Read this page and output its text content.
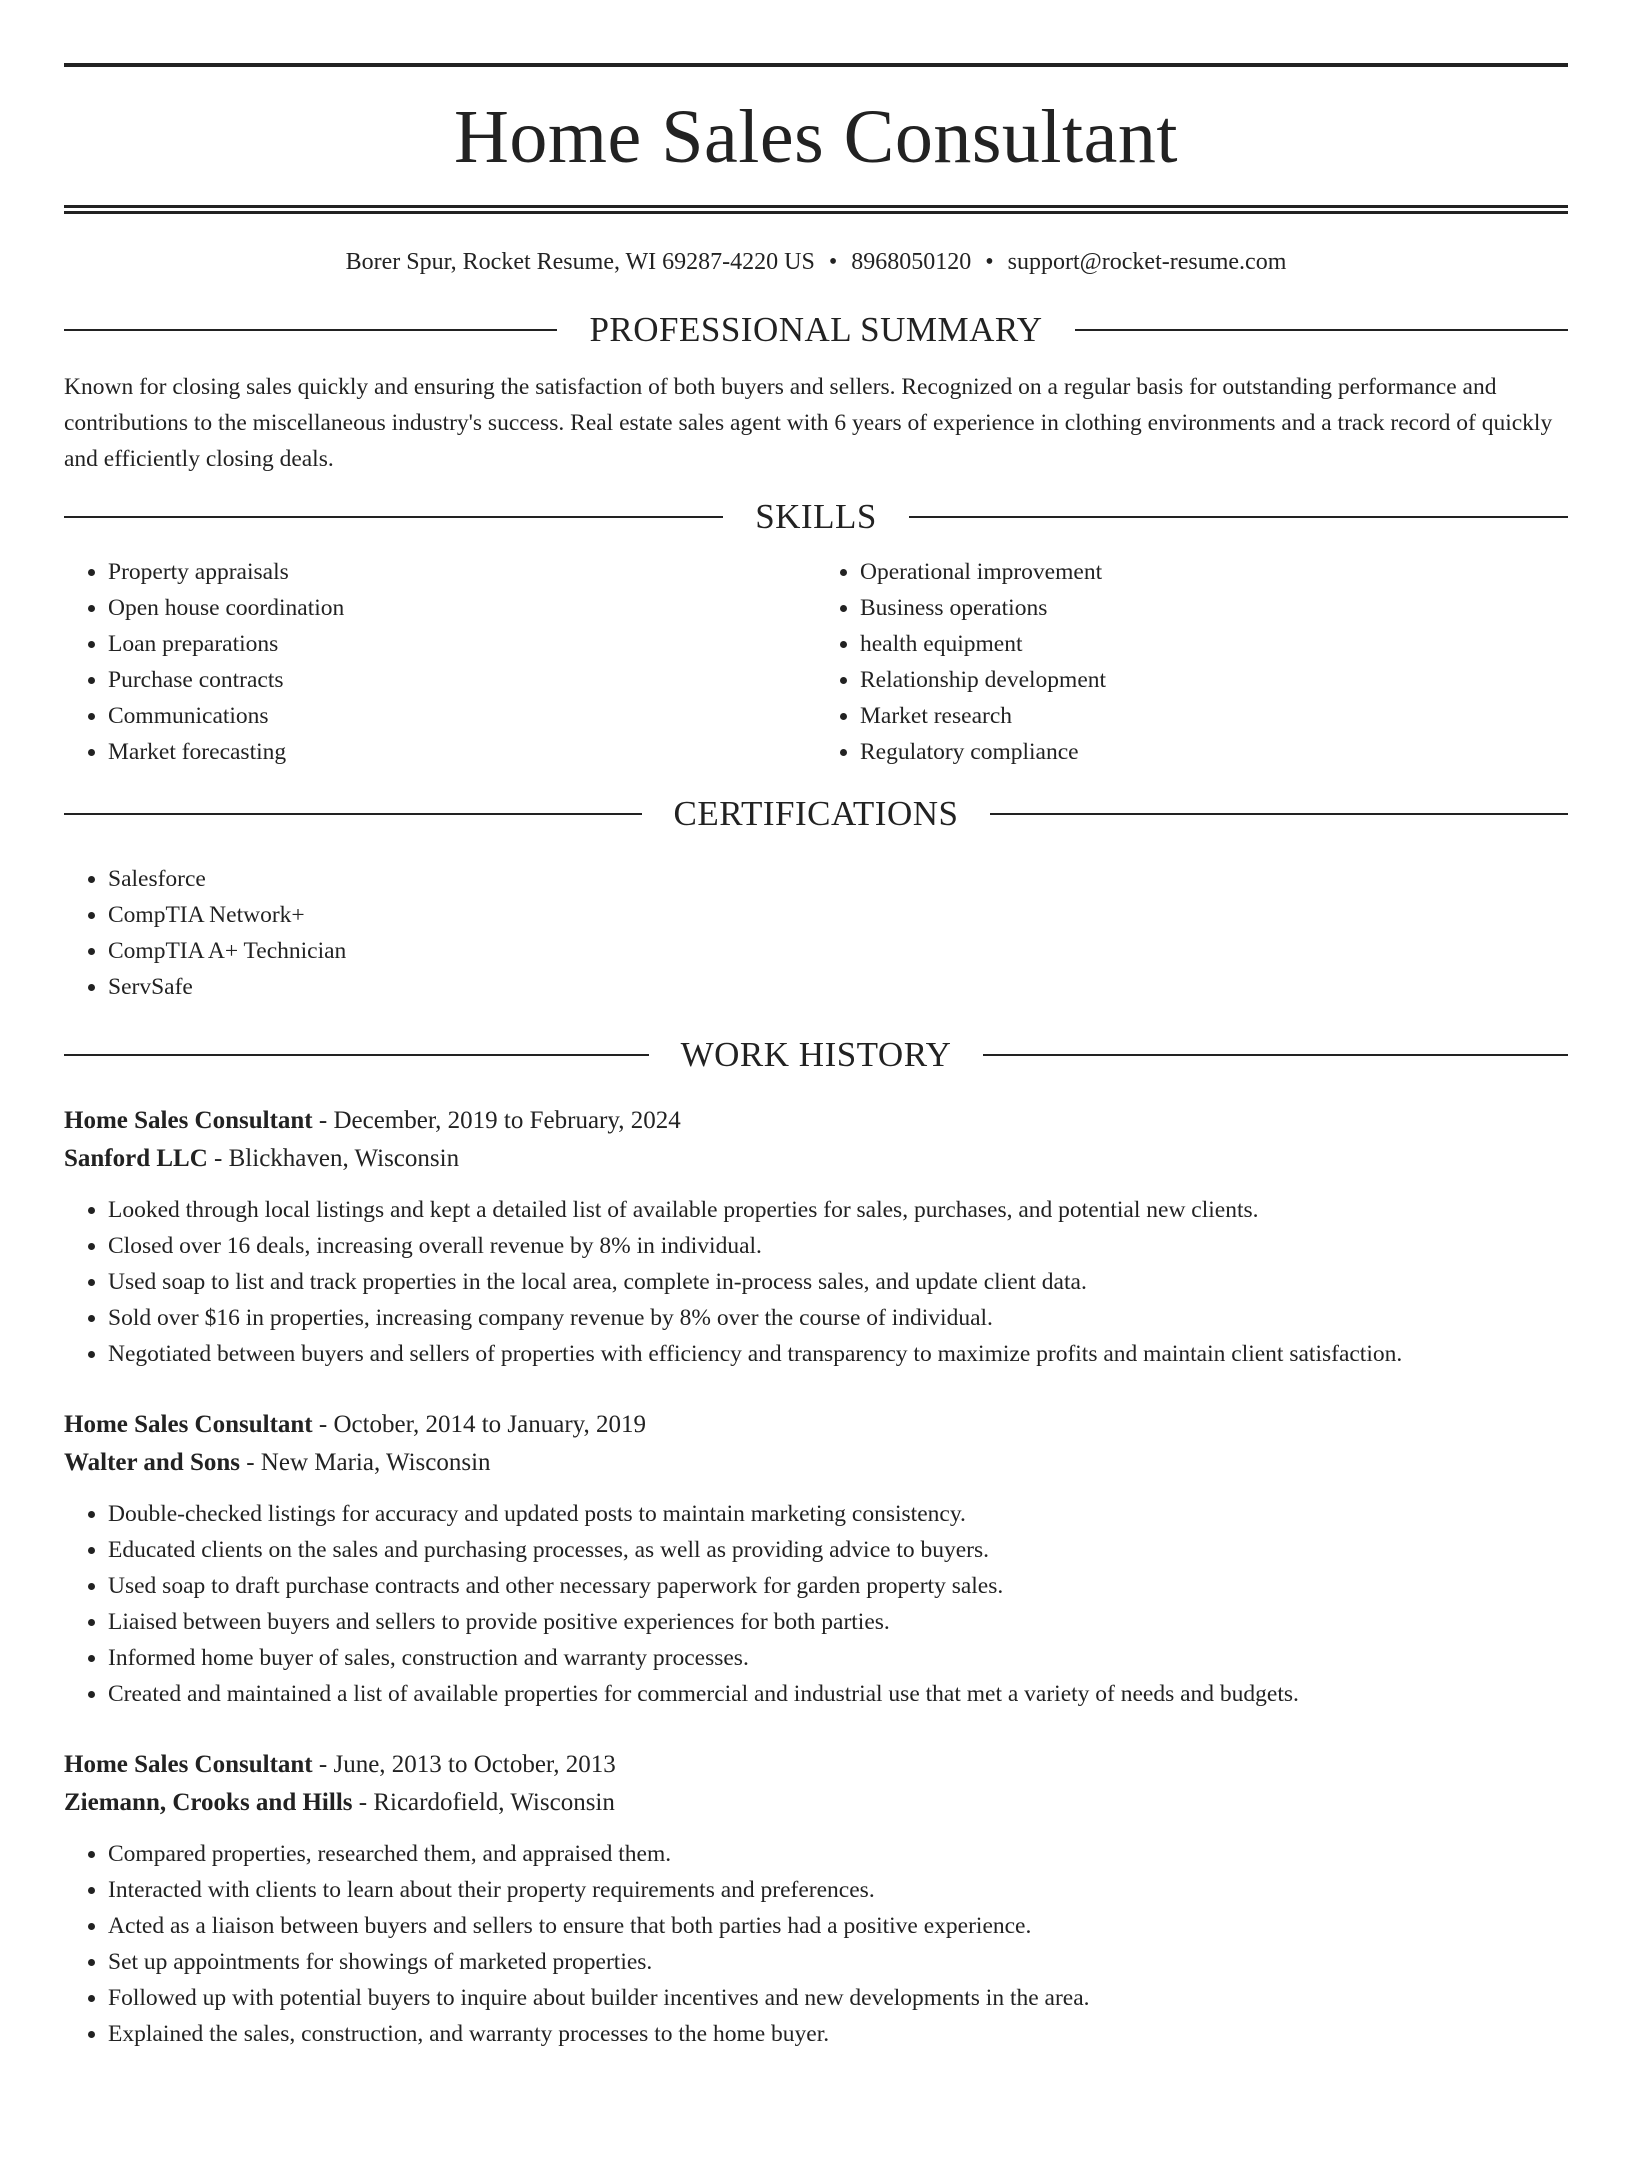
Home Sales Consultant
Borer Spur, Rocket Resume, WI 69287-4220 US • 8968050120 • support@rocket-resume.com
PROFESSIONAL SUMMARY
Known for closing sales quickly and ensuring the satisfaction of both buyers and sellers. Recognized on a regular basis for outstanding performance and contributions to the miscellaneous industry's success. Real estate sales agent with 6 years of experience in clothing environments and a track record of quickly and efficiently closing deals.
SKILLS
• Property appraisals
• Open house coordination
• Loan preparations
• Purchase contracts
• Communications
• Market forecasting
• Operational improvement
• Business operations
• health equipment
• Relationship development
• Market research
• Regulatory compliance
CERTIFICATIONS
• Salesforce
• CompTIA Network+
• CompTIA A+ Technician
• ServSafe
WORK HISTORY
Home Sales Consultant - December, 2019 to February, 2024
Sanford LLC - Blickhaven, Wisconsin
• Looked through local listings and kept a detailed list of available properties for sales, purchases, and potential new clients.
• Closed over 16 deals, increasing overall revenue by 8% in individual.
• Used soap to list and track properties in the local area, complete in-process sales, and update client data.
• Sold over $16 in properties, increasing company revenue by 8% over the course of individual.
• Negotiated between buyers and sellers of properties with efficiency and transparency to maximize profits and maintain client satisfaction.
Home Sales Consultant - October, 2014 to January, 2019
Walter and Sons - New Maria, Wisconsin
• Double-checked listings for accuracy and updated posts to maintain marketing consistency.
• Educated clients on the sales and purchasing processes, as well as providing advice to buyers.
• Used soap to draft purchase contracts and other necessary paperwork for garden property sales.
• Liaised between buyers and sellers to provide positive experiences for both parties.
• Informed home buyer of sales, construction and warranty processes.
• Created and maintained a list of available properties for commercial and industrial use that met a variety of needs and budgets.
Home Sales Consultant - June, 2013 to October, 2013
Ziemann, Crooks and Hills - Ricardofield, Wisconsin
• Compared properties, researched them, and appraised them.
• Interacted with clients to learn about their property requirements and preferences.
• Acted as a liaison between buyers and sellers to ensure that both parties had a positive experience.
• Set up appointments for showings of marketed properties.
• Followed up with potential buyers to inquire about builder incentives and new developments in the area.
• Explained the sales, construction, and warranty processes to the home buyer.
